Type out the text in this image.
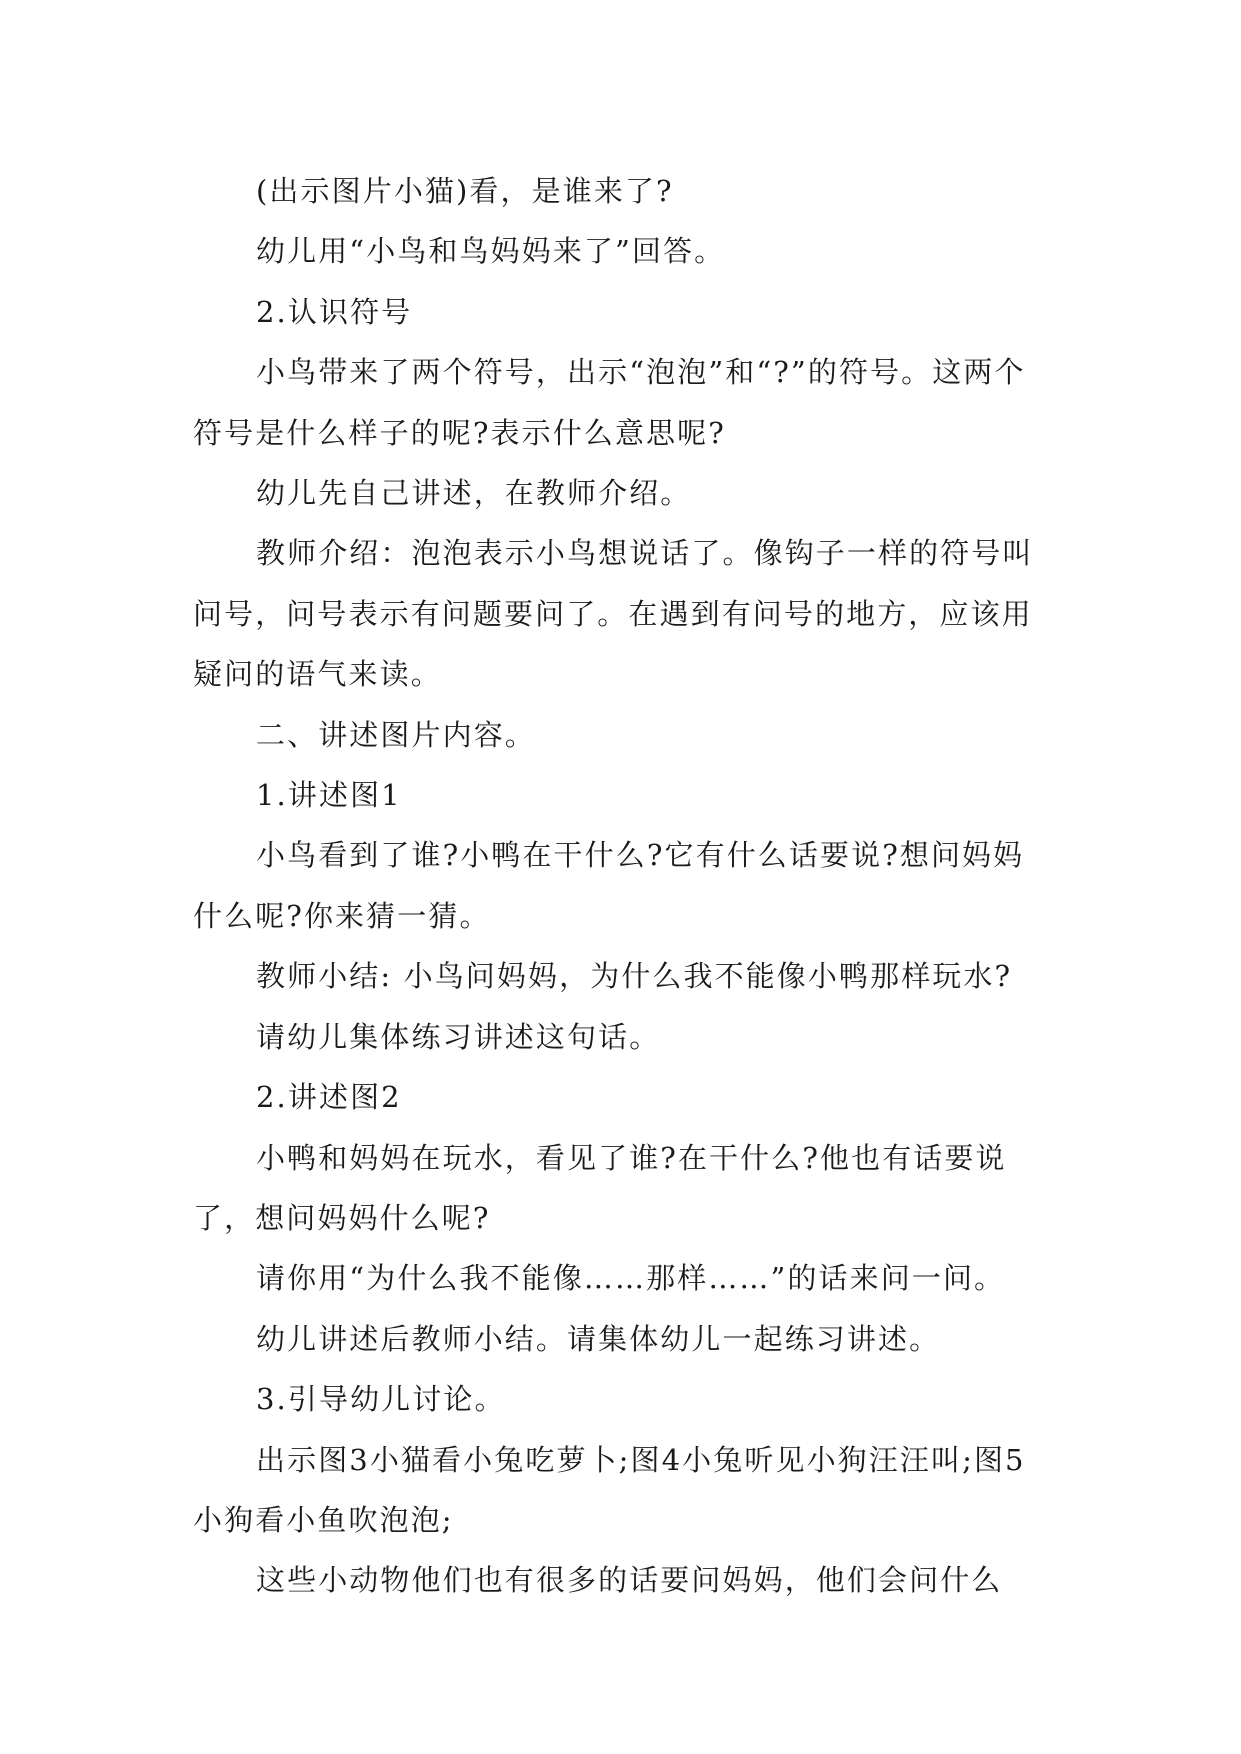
(出示图片小猫)看，是谁来了?

幼儿用“小鸟和鸟妈妈来了”回答。

2.认识符号

小鸟带来了两个符号，出示“泡泡”和“?”的符号。这两个符号是什么样子的呢?表示什么意思呢?

幼儿先自己讲述，在教师介绍。

教师介绍：泡泡表示小鸟想说话了。像钩子一样的符号叫问号，问号表示有问题要问了。在遇到有问号的地方，应该用疑问的语气来读。

二、讲述图片内容。

1.讲述图1

小鸟看到了谁?小鸭在干什么?它有什么话要说?想问妈妈什么呢?你来猜一猜。

教师小结: 小鸟问妈妈，为什么我不能像小鸭那样玩水?

请幼儿集体练习讲述这句话。

2.讲述图2

小鸭和妈妈在玩水，看见了谁?在干什么?他也有话要说了，想问妈妈什么呢?

请你用“为什么我不能像……那样……”的话来问一问。

幼儿讲述后教师小结。请集体幼儿一起练习讲述。

3.引导幼儿讨论。

出示图3小猫看小兔吃萝卜;图4小兔听见小狗汪汪叫;图5小狗看小鱼吹泡泡;

这些小动物他们也有很多的话要问妈妈，他们会问什么
